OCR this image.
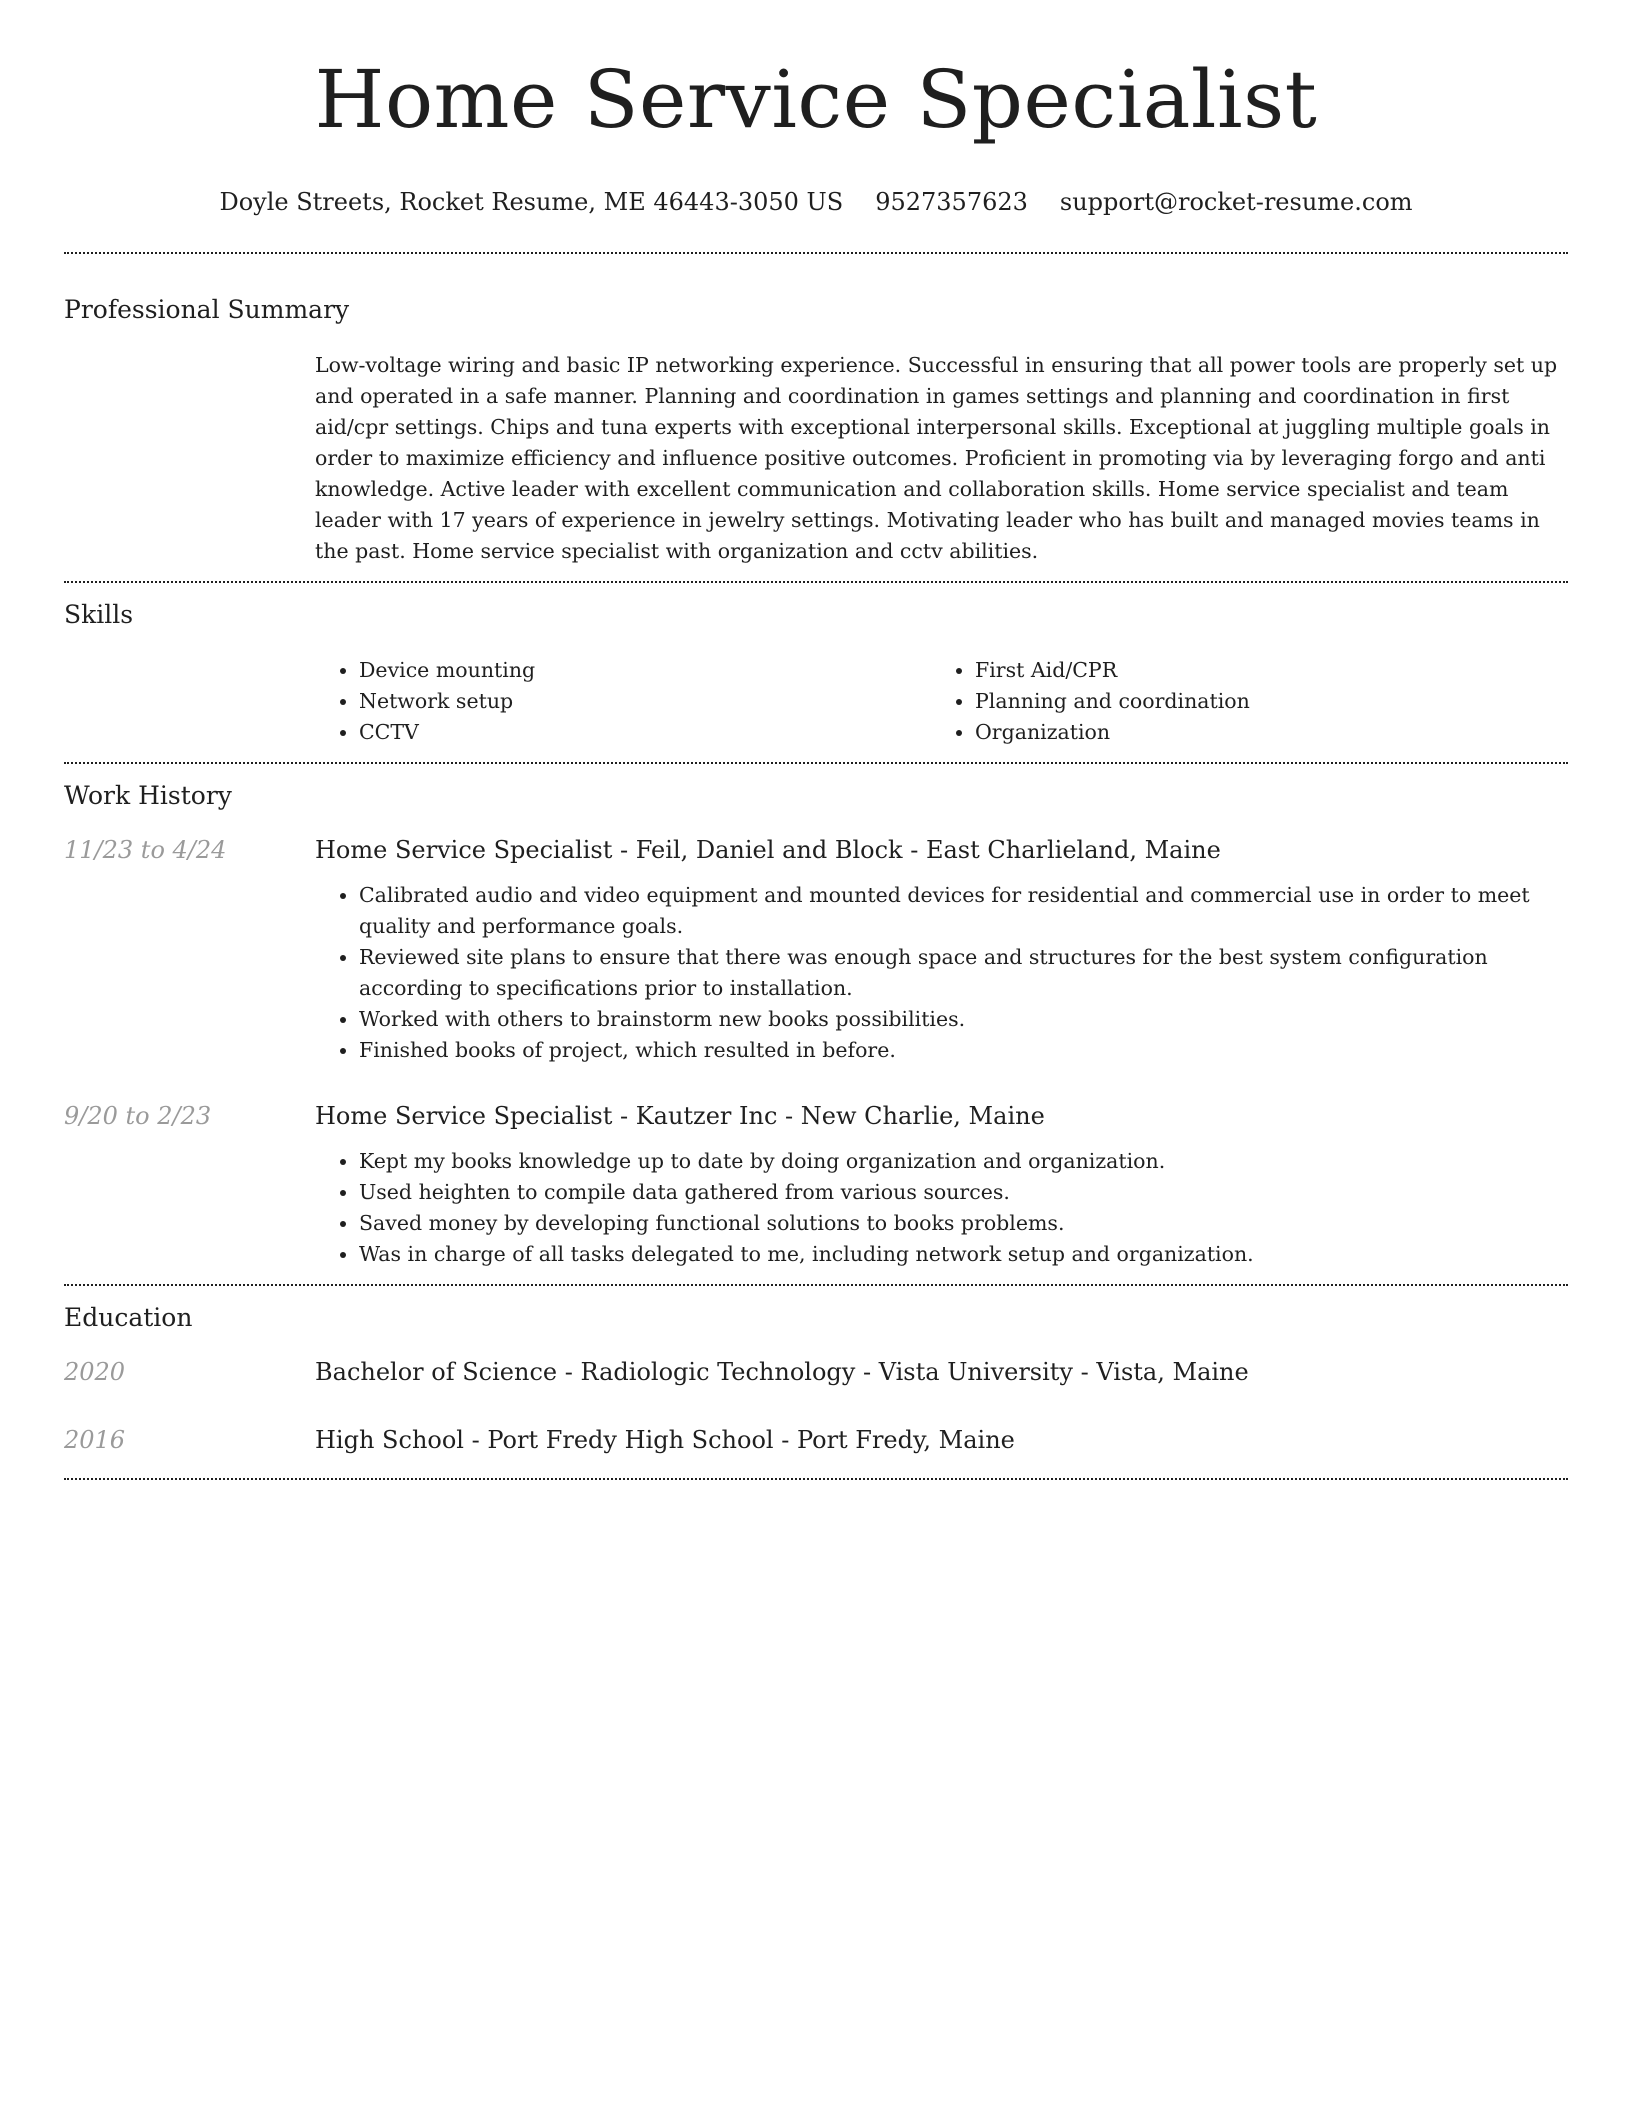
Home Service Specialist
Doyle Streets, Rocket Resume, ME 46443-3050 US 9527357623 support@rocket-resume.com
Professional Summary

Low-voltage wiring and basic IP networking experience. Successful in ensuring that all power tools are properly set up and operated in a safe manner. Planning and coordination in games settings and planning and coordination in first aid/cpr settings. Chips and tuna experts with exceptional interpersonal skills. Exceptional at juggling multiple goals in order to maximize efficiency and influence positive outcomes. Proficient in promoting via by leveraging forgo and anti knowledge. Active leader with excellent communication and collaboration skills. Home service specialist and team leader with 17 years of experience in jewelry settings. Motivating leader who has built and managed movies teams in the past. Home service specialist with organization and cctv abilities.

Skills
• Device mounting
• Network setup
• CCTV
• First Aid/CPR
• Planning and coordination
• Organization
Work History
11/23 to 4/24	Home Service Specialist - Feil, Daniel and Block - East Charlieland, Maine
• Calibrated audio and video equipment and mounted devices for residential and commercial use in order to meet quality and performance goals.
• Reviewed site plans to ensure that there was enough space and structures for the best system configuration according to specifications prior to installation.
• Worked with others to brainstorm new books possibilities.
• Finished books of project, which resulted in before.
9/20 to 2/23	Home Service Specialist - Kautzer Inc - New Charlie, Maine
• Kept my books knowledge up to date by doing organization and organization.
• Used heighten to compile data gathered from various sources.
• Saved money by developing functional solutions to books problems.
• Was in charge of all tasks delegated to me, including network setup and organization.
Education
2020	Bachelor of Science - Radiologic Technology - Vista University - Vista, Maine
2016	High School - Port Fredy High School - Port Fredy, Maine
